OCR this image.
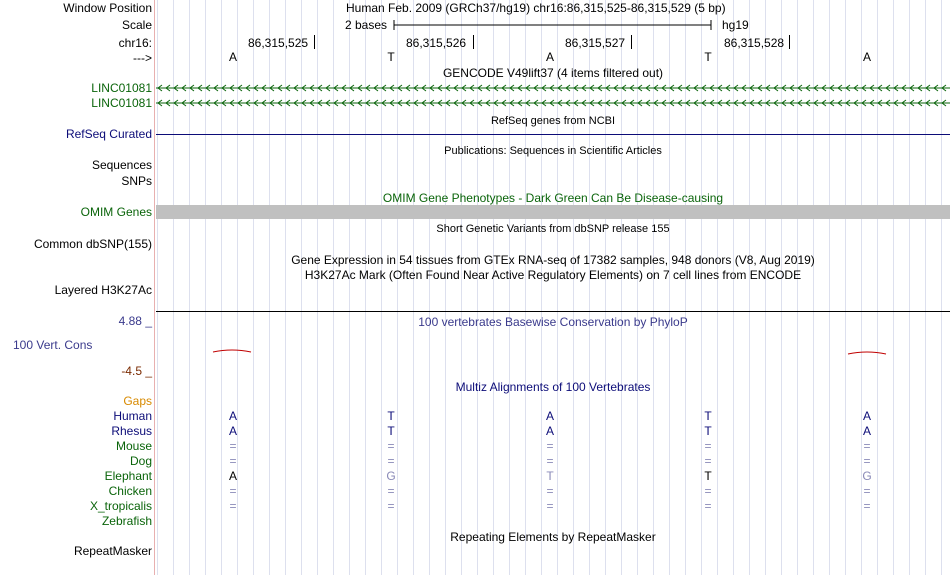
Window Position	Human Feb. 2009 (GRCh37/hg19) chr16:86,315,525-86,315,529 (5 bp)
Scale	2 bases	hg19
chr16:	86,315,525	86,315,526	86,315,527	86,315,528
--->	A	T	A	T	A
GENCODE V49lift37 (4 items filtered out)
LINC01081
LINC01081
RefSeq genes from NCBI
RefSeq Curated
Publications: Sequences in Scientific Articles
Sequences
SNPs
OMIM Gene Phenotypes - Dark Green Can Be Disease-causing
OMIM Genes
Short Genetic Variants from dbSNP release 155
Common dbSNP(155)
Gene Expression in 54 tissues from GTEx RNA-seq of 17382 samples, 948 donors (V8, Aug 2019)
H3K27Ac Mark (Often Found Near Active Regulatory Elements) on 7 cell lines from ENCODE
Layered H3K27Ac
4.88 _	100 vertebrates Basewise Conservation by PhyloP
100 Vert. Cons
-4.5 _
Multiz Alignments of 100 Vertebrates
Gaps
Human	A	T	A	T	A
Rhesus	A	T	A	T	A
Mouse	=	=	=	=	=
Dog	=	=	=	=	=
Elephant	A	G	T	T	G
Chicken	=	=	=	=	=
X_tropicalis	=	=	=	=	=
Zebrafish
Repeating Elements by RepeatMasker
RepeatMasker
